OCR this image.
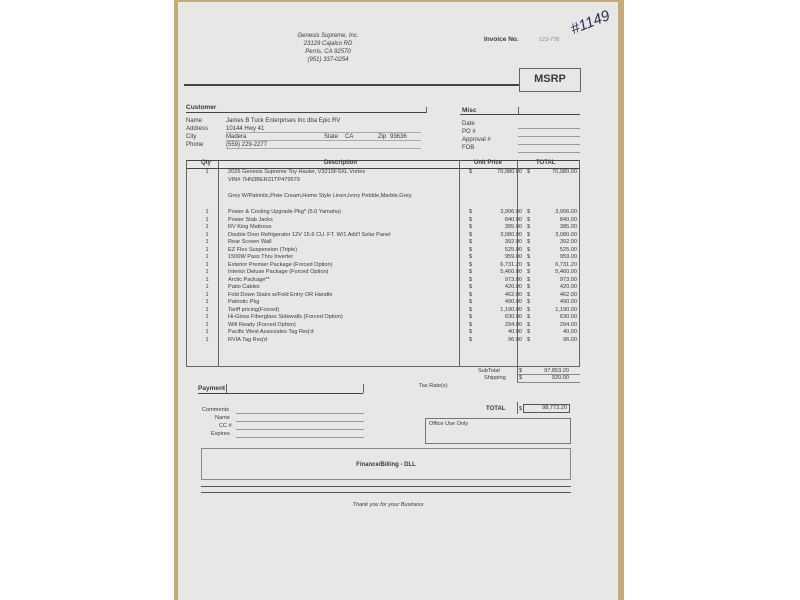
Genesis Supreme, Inc.
23129 Cajalco RD
Perris, CA 92570
(951) 337-0254
Invoice No.	123-778
#1149
MSRP
Customer
Name	James B Tuck Enterprises Inc dba Epic RV
Address	10144 Hwy 41
City	Madera	State CA	Zip 93636
Phone	(559) 229-2277
Misc
Date
PO #
Approval #
FOB
Qty	Description	Unit Price	TOTAL
1	2026 Genesis Supreme Toy Hauler, V3215FSXL Vortex	$	70,980.00 $	70,980.00
VIN# 7HN3BER31TP479579
Grey W/Patriotic,Pixie Cream,Home Style Linen,Ivory Pebble,Marble,Grey.
1	Power & Cooling Upgrade Pkg* (5.0 Yamaha)	$	3,906.00 $	3,906.00
1	Power Stab Jacks	$	840.00 $	840.00
1	RV King Mattress	$	385.00 $	385.00
1	Double Door Refrigerator 12V 15.6 CU. FT. W/1 Add'l Solar Panel	$	3,080.00 $	3,080.00
1	Rear Screen Wall	$	392.00 $	392.00
1	EZ Flex Suspension (Triple)	$	525.00 $	525.00
1	1500W Pass Thru Inverter	$	959.00 $	959.00
1	Exterior Premier Package (Forced Option)	$	6,731.20 $	6,731.20
1	Interior Deluxe Package (Forced Option)	$	5,460.00 $	5,460.00
1	Arctic Package**	$	973.00 $	973.00
1	Patio Cables	$	420.00 $	420.00
1	Fold Down Stairs w/Fold Entry OR Handle	$	462.00 $	462.00
1	Patriotic Pkg	$	490.00 $	490.00
1	Tariff pricing(Forced)	$	1,190.00 $	1,190.00
1	Hi-Gloss Fiberglass Sidewalls (Forced Option)	$	630.00 $	630.00
1	Wifi Ready (Forced Option)	$	294.00 $	294.00
1	Pacific West Associates Tag Req'd	$	40.00 $	40.00
1	RVIA Tag Req'd	$	96.00 $	96.00
SubTotal	$	97,853.20
Shipping $	920.00
Tax Rate(s)
TOTAL $	98,773.20
Payment
Comments
Name
CC #
Expires
Office Use Only
Finance/Billing - DLL
Thank you for your Business
